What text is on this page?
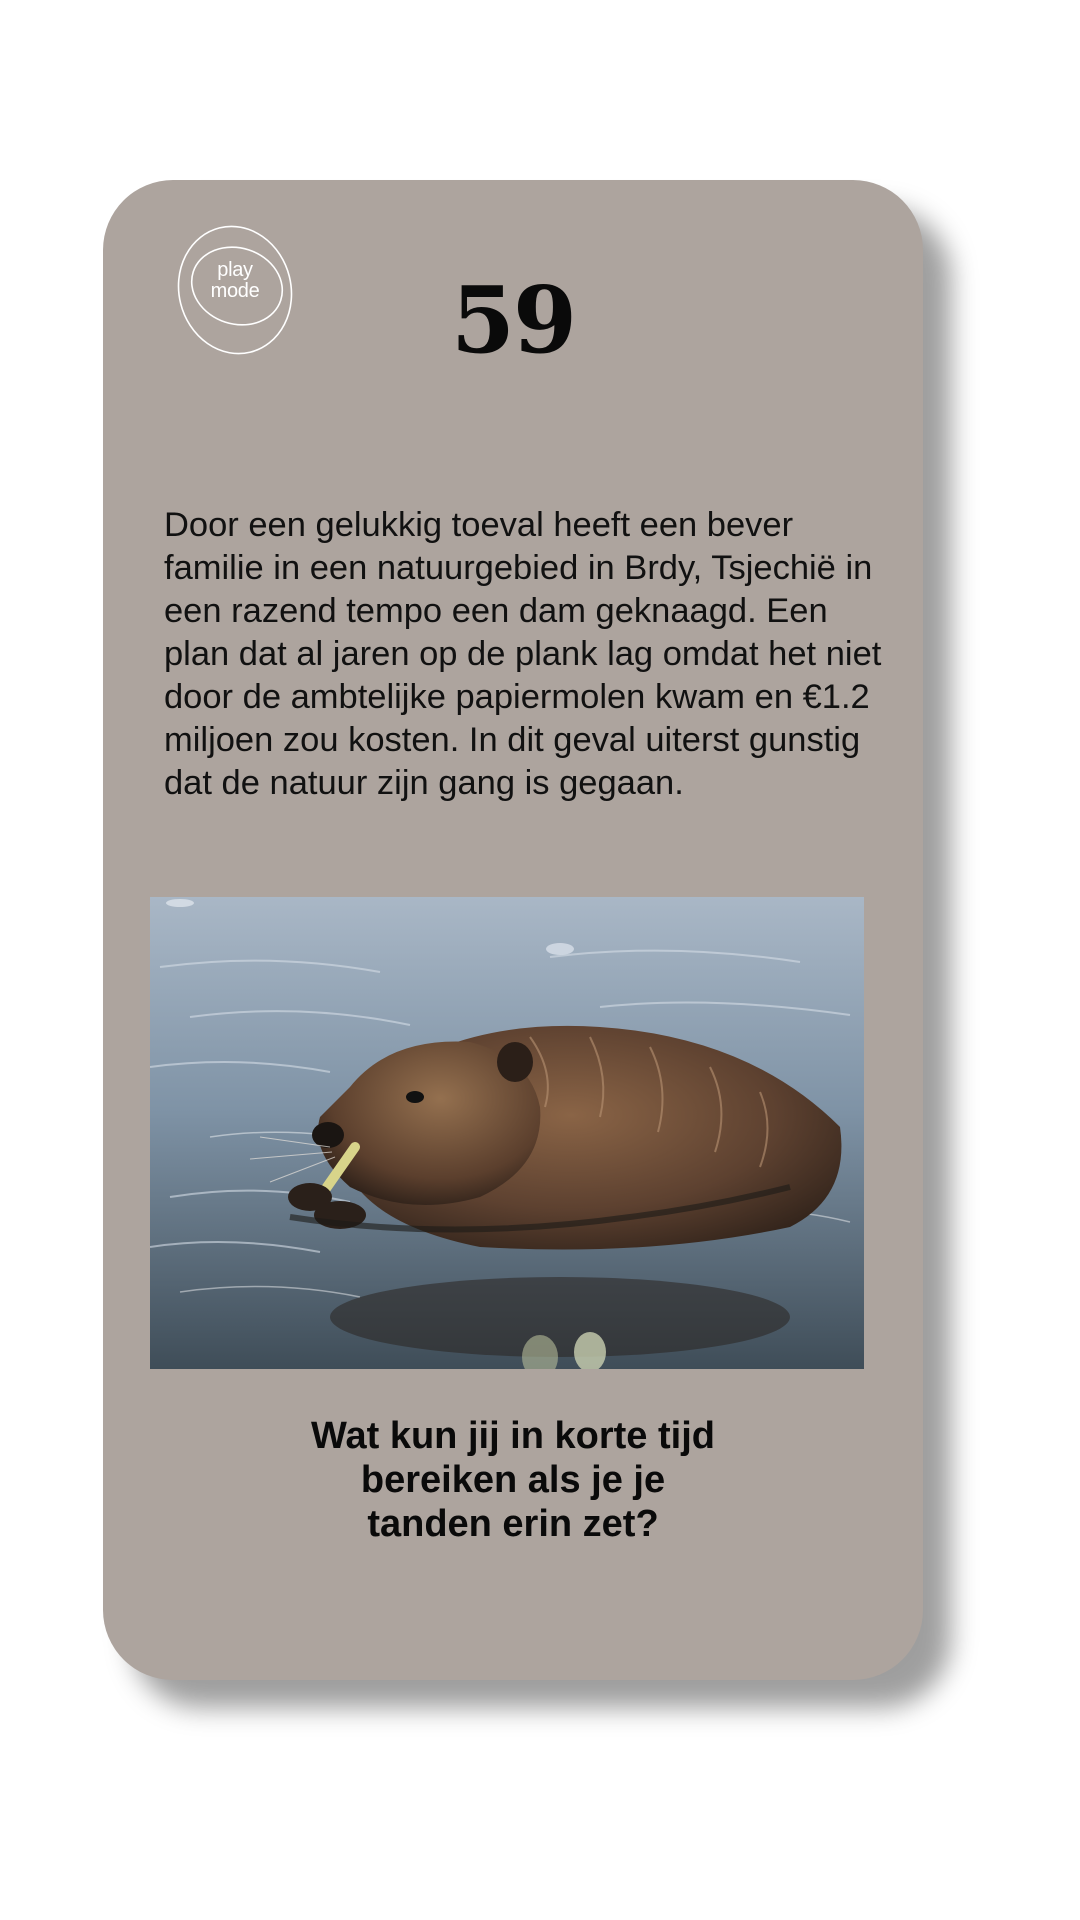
play
mode	59

Door een gelukkig toeval heeft een bever familie in een natuurgebied in Brdy, Tsjechië in een razend tempo een dam geknaagd. Een plan dat al jaren op de plank lag omdat het niet door de ambtelijke papiermolen kwam en €1.2 miljoen zou kosten. In dit geval uiterst gunstig dat de natuur zijn gang is gegaan.

Wat kun jij in korte tijd
bereiken als je je
tanden erin zet?
